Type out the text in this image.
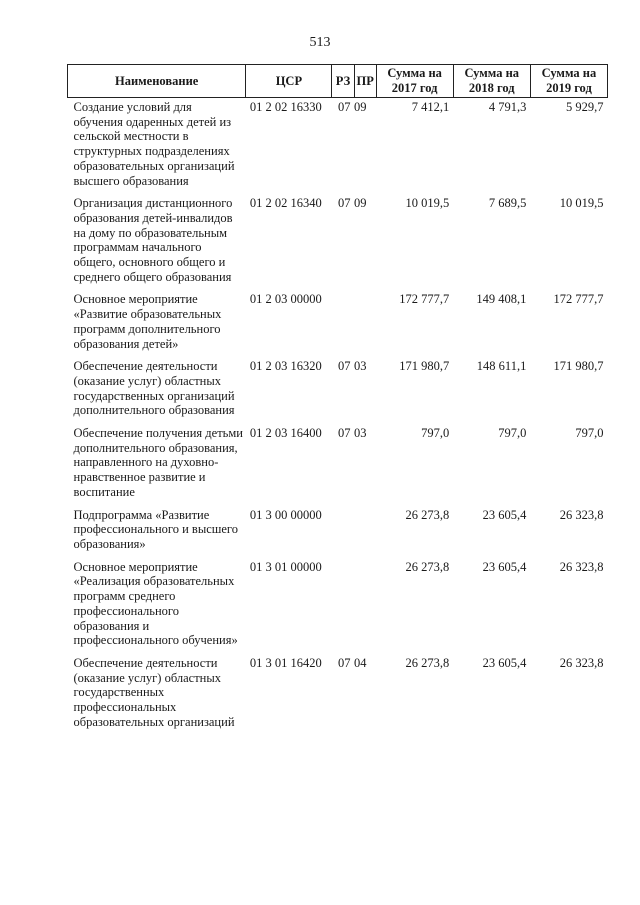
513
Наименование	ЦСР	РЗ	ПР	Сумма на 2017 год	Сумма на 2018 год	Сумма на 2019 год
Создание условий для обучения одаренных детей из сельской местности в структурных подразделениях образовательных организаций высшего образования	01 2 02 16330	07	09	7 412,1	4 791,3	5 929,7
Организация дистанционного образования детей-инвалидов на дому по образовательным программам начального общего, основного общего и среднего общего образования	01 2 02 16340	07	09	10 019,5	7 689,5	10 019,5
Основное мероприятие «Развитие образовательных программ дополнительного образования детей»	01 2 03 00000			172 777,7	149 408,1	172 777,7
Обеспечение деятельности (оказание услуг) областных государственных организаций дополнительного образования	01 2 03 16320	07	03	171 980,7	148 611,1	171 980,7
Обеспечение получения детьми дополнительного образования, направленного на духовно-нравственное развитие и воспитание	01 2 03 16400	07	03	797,0	797,0	797,0
Подпрограмма «Развитие профессионального и высшего образования»	01 3 00 00000			26 273,8	23 605,4	26 323,8
Основное мероприятие «Реализация образовательных программ среднего профессионального образования и профессионального обучения»	01 3 01 00000			26 273,8	23 605,4	26 323,8
Обеспечение деятельности (оказание услуг) областных государственных профессиональных образовательных организаций	01 3 01 16420	07	04	26 273,8	23 605,4	26 323,8
